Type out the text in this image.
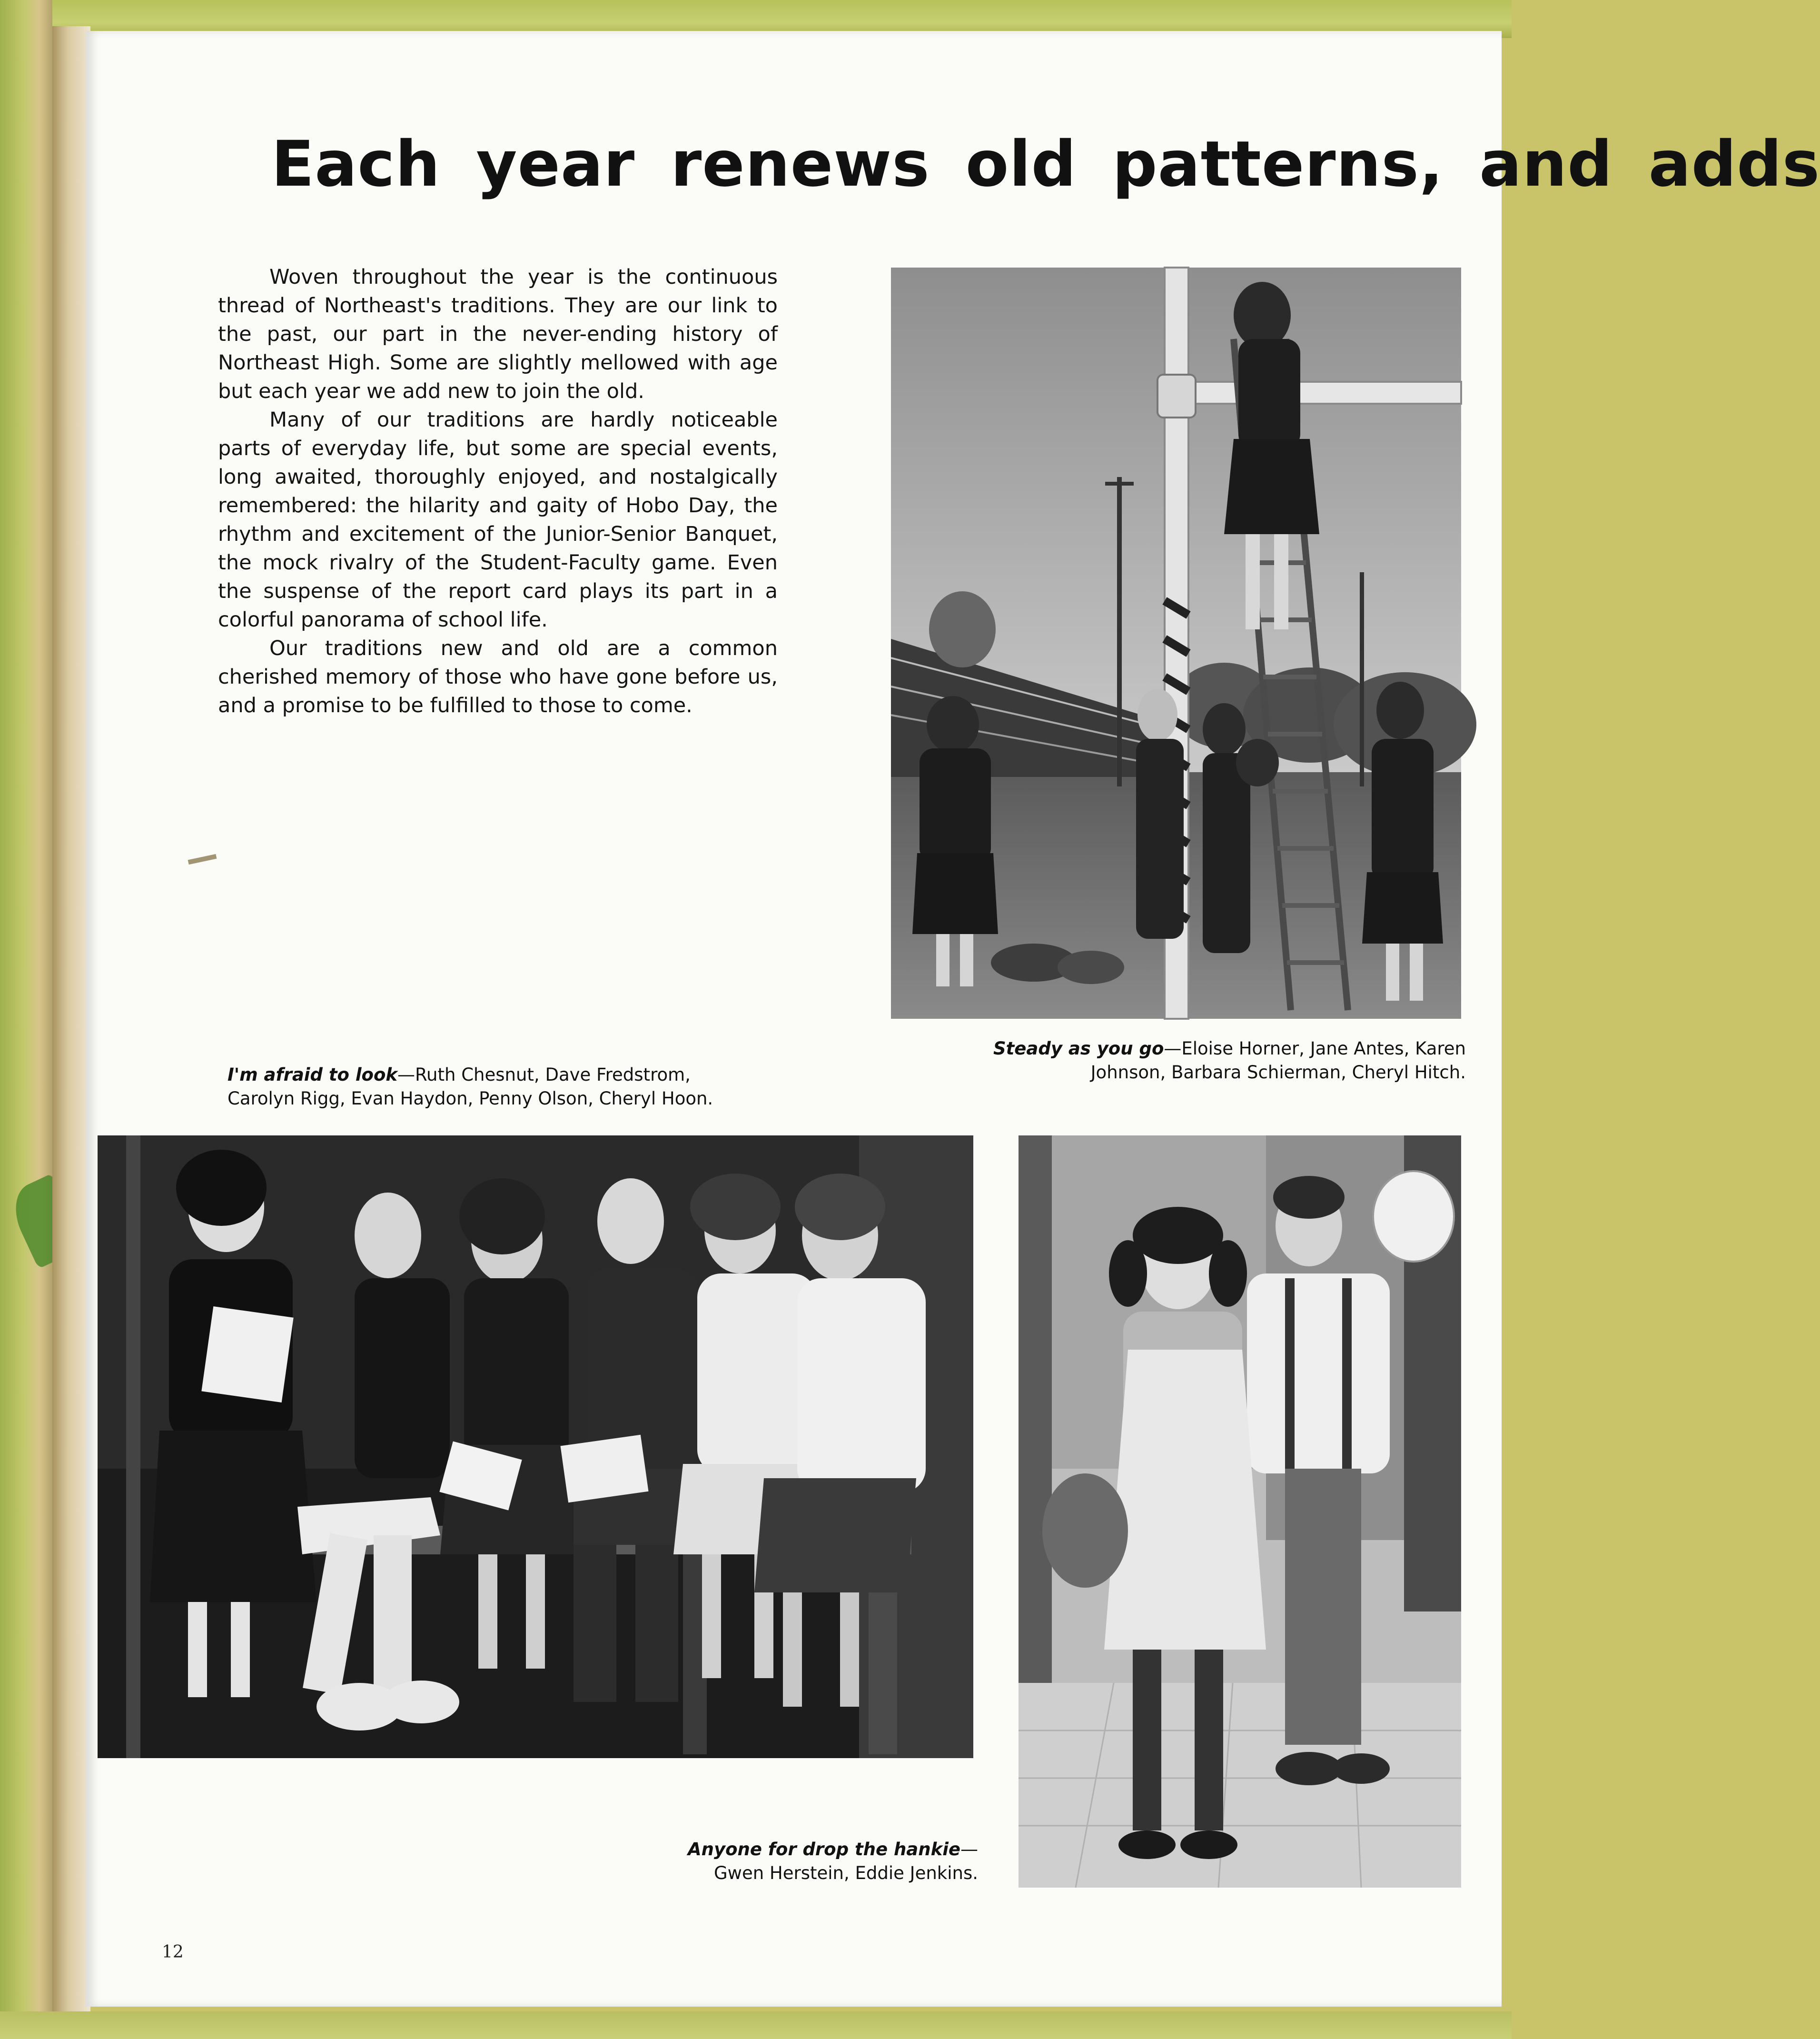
Each year renews old patterns, and adds

Woven throughout the year is the continuous thread of Northeast's traditions. They are our link to the past, our part in the never-ending history of Northeast High. Some are slightly mellowed with age but each year we add new to join the old.

Many of our traditions are hardly noticeable parts of everyday life, but some are special events, long awaited, thoroughly enjoyed, and nostalgically remembered: the hilarity and gaity of Hobo Day, the rhythm and excitement of the Junior-Senior Banquet, the mock rivalry of the Student-Faculty game. Even the suspense of the report card plays its part in a colorful panorama of school life.

Our traditions new and old are a common cherished memory of those who have gone before us, and a promise to be fulfilled to those to come.

Steady as you go—Eloise Horner, Jane Antes, Karen Johnson, Barbara Schierman, Cheryl Hitch.
I'm afraid to look—Ruth Chesnut, Dave Fredstrom, Carolyn Rigg, Evan Haydon, Penny Olson, Cheryl Hoon.
Anyone for drop the hankie— Gwen Herstein, Eddie Jenkins.
12
